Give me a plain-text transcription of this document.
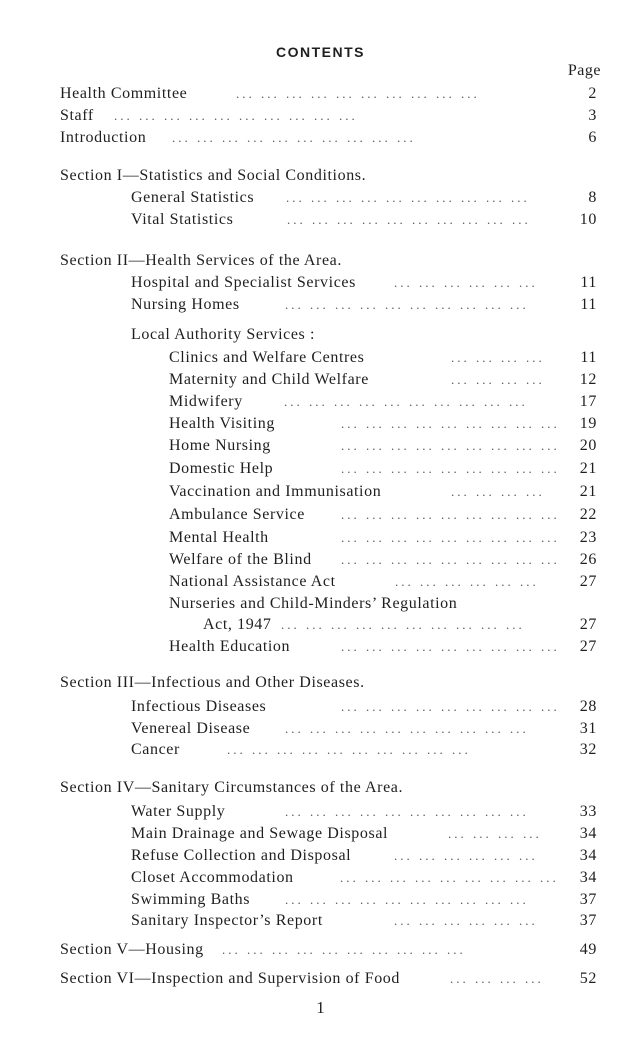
CONTENTS
Page
Health Committee	... ... ... ... ... ... ... ... ... ...	2
Staff ... ... ... ... ... ... ... ... ... ...	3
Introduction ... ... ... ... ... ... ... ... ... ...	6
Section I—Statistics and Social Conditions.
General Statistics ... ... ... ... ... ... ... ... ... ...	8
Vital Statistics	... ... ... ... ... ... ... ... ... ...	10
Section II—Health Services of the Area.
Hospital and Specialist Services	... ... ... ... ... ...	11
Nursing Homes	... ... ... ... ... ... ... ... ... ...	11
Local Authority Services :
Clinics and Welfare Centres	... ... ... ...	11
Maternity and Child Welfare	... ... ... ...	12
Midwifery	... ... ... ... ... ... ... ... ... ...	17
Health Visiting	... ... ... ... ... ... ... ... ...	19
Home Nursing	... ... ... ... ... ... ... ... ...	20
Domestic Help	... ... ... ... ... ... ... ... ...	21
Vaccination and Immunisation	... ... ... ...	21
Ambulance Service	... ... ... ... ... ... ... ... ...	22
Mental Health	... ... ... ... ... ... ... ... ...	23
Welfare of the Blind ... ... ... ... ... ... ... ... ...	26
National Assistance Act	... ... ... ... ... ...	27
Nurseries and Child-Minders’ Regulation
Act, 1947 ... ... ... ... ... ... ... ... ... ...	27
Health Education	... ... ... ... ... ... ... ... ...	27
Section III—Infectious and Other Diseases.
Infectious Diseases	... ... ... ... ... ... ... ... ...	28
Venereal Disease	... ... ... ... ... ... ... ... ... ...	31
Cancer	... ... ... ... ... ... ... ... ... ...	32
Section IV—Sanitary Circumstances of the Area.
Water Supply	... ... ... ... ... ... ... ... ... ...	33
Main Drainage and Sewage Disposal	... ... ... ...	34
Refuse Collection and Disposal	... ... ... ... ... ...	34
Closet Accommodation	... ... ... ... ... ... ... ... ...	34
Swimming Baths	... ... ... ... ... ... ... ... ... ...	37
Sanitary Inspector’s Report	... ... ... ... ... ...	37
Section V—Housing ... ... ... ... ... ... ... ... ... ...	49
Section VI—Inspection and Supervision of Food	... ... ... ...	52
1
